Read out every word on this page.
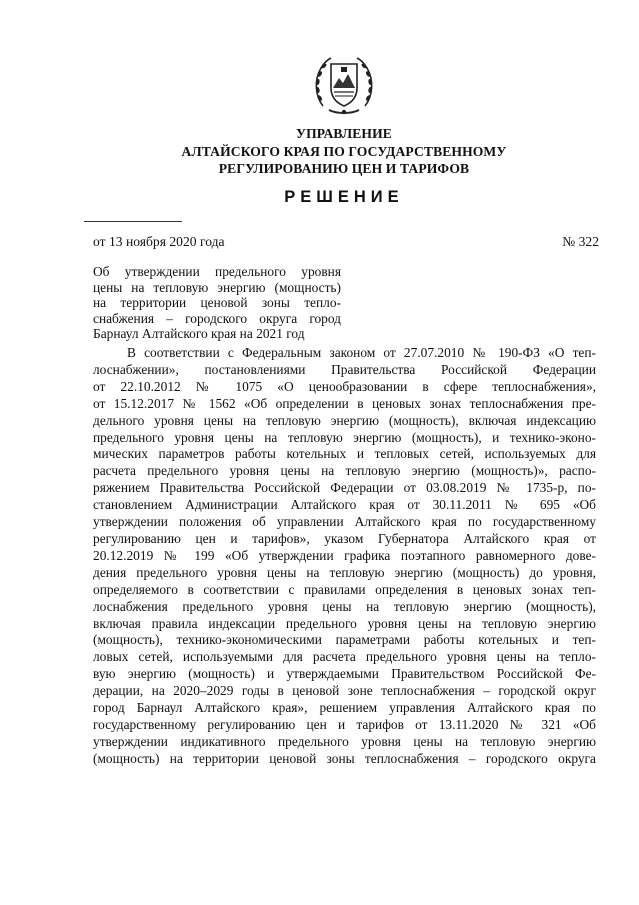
УПРАВЛЕНИЕ
АЛТАЙСКОГО КРАЯ ПО ГОСУДАРСТВЕННОМУ
РЕГУЛИРОВАНИЮ ЦЕН И ТАРИФОВ
РЕШЕНИЕ
от 13 ноября 2020 года	№ 322
Об утверждении предельного уровня
цены на тепловую энергию (мощность)
на территории ценовой зоны тепло-
снабжения – городского округа город
Барнаул Алтайского края на 2021 год
В соответствии с Федеральным законом от 27.07.2010 № 190-ФЗ «О теп-
лоснабжении», постановлениями Правительства Российской Федерации
от 22.10.2012 № 1075 «О ценообразовании в сфере теплоснабжения»,
от 15.12.2017 № 1562 «Об определении в ценовых зонах теплоснабжения пре-
дельного уровня цены на тепловую энергию (мощность), включая индексацию
предельного уровня цены на тепловую энергию (мощность), и технико-эконо-
мических параметров работы котельных и тепловых сетей, используемых для
расчета предельного уровня цены на тепловую энергию (мощность)», распо-
ряжением Правительства Российской Федерации от 03.08.2019 № 1735-р, по-
становлением Администрации Алтайского края от 30.11.2011 № 695 «Об
утверждении положения об управлении Алтайского края по государственному
регулированию цен и тарифов», указом Губернатора Алтайского края от
20.12.2019 № 199 «Об утверждении графика поэтапного равномерного дове-
дения предельного уровня цены на тепловую энергию (мощность) до уровня,
определяемого в соответствии с правилами определения в ценовых зонах теп-
лоснабжения предельного уровня цены на тепловую энергию (мощность),
включая правила индексации предельного уровня цены на тепловую энергию
(мощность), технико-экономическими параметрами работы котельных и теп-
ловых сетей, используемыми для расчета предельного уровня цены на тепло-
вую энергию (мощность) и утверждаемыми Правительством Российской Фе-
дерации, на 2020–2029 годы в ценовой зоне теплоснабжения – городской округ
город Барнаул Алтайского края», решением управления Алтайского края по
государственному регулированию цен и тарифов от 13.11.2020 № 321 «Об
утверждении индикативного предельного уровня цены на тепловую энергию
(мощность) на территории ценовой зоны теплоснабжения – городского округа
